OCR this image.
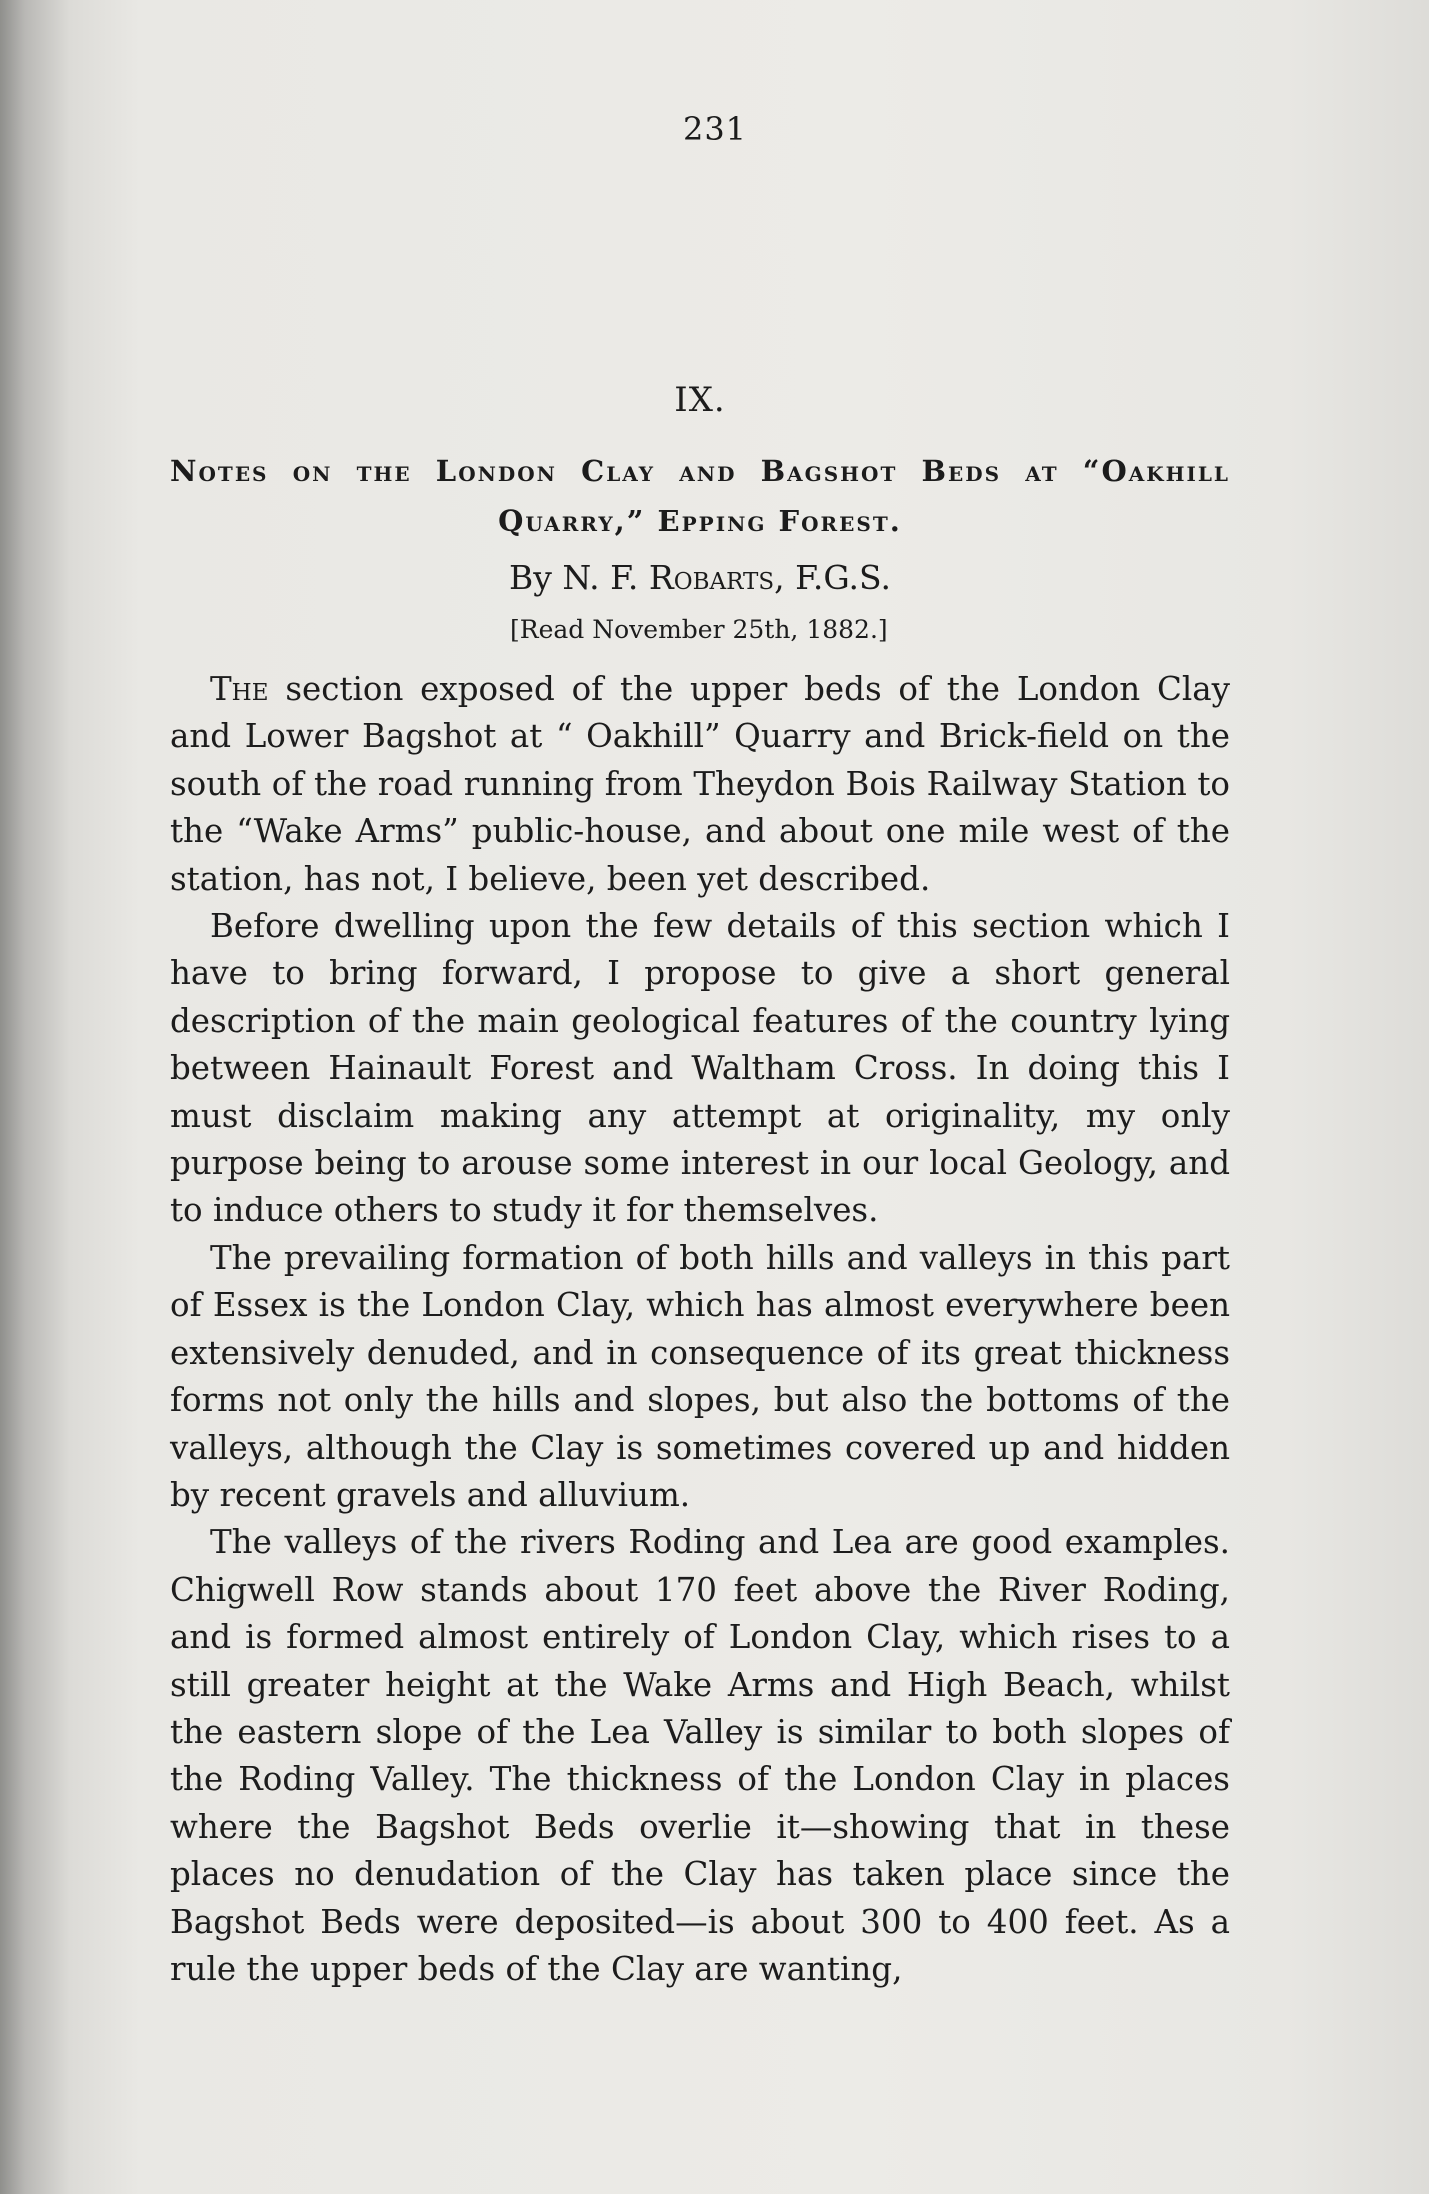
231
IX.
Notes on the London Clay and Bagshot Beds at “Oakhill
Quarry,” Epping Forest.
By N. F. Robarts, F.G.S.
[Read November 25th, 1882.]

The section exposed of the upper beds of the London Clay and Lower Bagshot at “ Oakhill” Quarry and Brick-field on the south of the road running from Theydon Bois Railway Station to the “Wake Arms” public-house, and about one mile west of the station, has not, I believe, been yet described.

Before dwelling upon the few details of this section which I have to bring forward, I propose to give a short general description of the main geological features of the country lying between Hainault Forest and Waltham Cross. In doing this I must disclaim making any attempt at originality, my only purpose being to arouse some interest in our local Geology, and to induce others to study it for themselves.

The prevailing formation of both hills and valleys in this part of Essex is the London Clay, which has almost everywhere been extensively denuded, and in consequence of its great thickness forms not only the hills and slopes, but also the bottoms of the valleys, although the Clay is sometimes covered up and hidden by recent gravels and alluvium.

The valleys of the rivers Roding and Lea are good examples. Chigwell Row stands about 170 feet above the River Roding, and is formed almost entirely of London Clay, which rises to a still greater height at the Wake Arms and High Beach, whilst the eastern slope of the Lea Valley is similar to both slopes of the Roding Valley. The thickness of the London Clay in places where the Bagshot Beds overlie it—showing that in these places no denudation of the Clay has taken place since the Bagshot Beds were deposited—is about 300 to 400 feet. As a rule the upper beds of the Clay are wanting,
